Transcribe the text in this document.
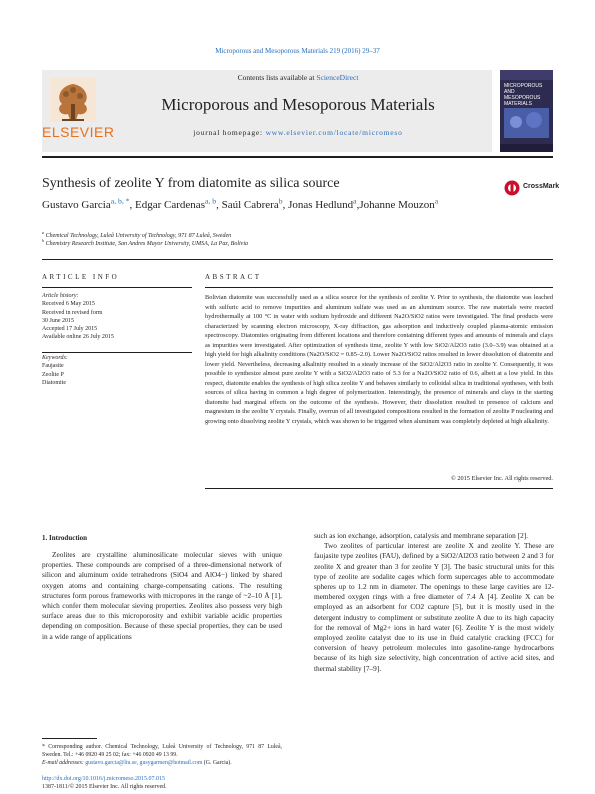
Microporous and Mesoporous Materials 219 (2016) 29–37
ELSEVIER
Contents lists available at ScienceDirect
Microporous and Mesoporous Materials
journal homepage: www.elsevier.com/locate/micromeso
MICROPOROUS AND MESOPOROUS MATERIALS
Synthesis of zeolite Y from diatomite as silica source	CrossMark
Gustavo Garcia$^{a, b, *}$, Edgar Cardenas$^{a, b}$, Saúl Cabrera$^b$, Jonas Hedlund$^a$,Johanne Mouzon$^a$
$^a$ Chemical Technology, Luleå University of Technology, 971 87 Luleå, Sweden
$^b$ Chemistry Research Institute, San Andres Mayor University, UMSA, La Paz, Bolivia
ARTICLE INFO
Article history:
Received 6 May 2015
Received in revised form
30 June 2015
Accepted 17 July 2015
Available online 26 July 2015
Keywords:
Faujasite
Zeolite P
Diatomite
ABSTRACT
Bolivian diatomite was successfully used as a silica source for the synthesis of zeolite Y. Prior to synthesis, the diatomite was leached with sulfuric acid to remove impurities and aluminum sulfate was used as an aluminum source. The raw materials were reacted hydrothermally at 100 °C in water with sodium hydroxide and different Na2O/SiO2 ratios were investigated. The final products were characterized by scanning electron microscopy, X-ray diffraction, gas adsorption and inductively coupled plasma-atomic emission spectroscopy. Diatomites originating from different locations and therefore containing different types and amounts of minerals and clays as impurities were investigated. After optimization of synthesis time, zeolite Y with low SiO2/Al2O3 ratio (3.0–3.9) was obtained at a high yield for high alkalinity conditions (Na2O/SiO2 = 0.85–2.0). Lower Na2O/SiO2 ratios resulted in lower dissolution of diatomite and lower yield. Nevertheless, decreasing alkalinity resulted in a steady increase of the SiO2/Al2O3 ratio in zeolite Y. Consequently, it was possible to synthesize almost pure zeolite Y with a SiO2/Al2O3 ratio of 5.3 for a Na2O/SiO2 ratio of 0.6, albeit at a low yield. In this respect, diatomite enables the synthesis of high silica zeolite Y and behaves similarly to colloidal silica in traditional syntheses, with both sources of silica having in common a high degree of polymerization. Interestingly, the presence of minerals and clays in the starting diatomite had marginal effects on the outcome of the synthesis. However, their dissolution resulted in presence of calcium and magnesium in the zeolite Y crystals. Finally, overrun of all investigated compositions resulted in the formation of zeolite P nucleating and growing onto dissolving zeolite Y crystals, which was shown to be triggered when aluminum was completely depleted at high alkalinity.
© 2015 Elsevier Inc. All rights reserved.
1. Introduction

Zeolites are crystalline aluminosilicate molecular sieves with unique properties. These compounds are comprised of a three-dimensional network of silicon and aluminum oxide tetrahedrons (SiO4 and AlO4−) linked by shared oxygen atoms and containing charge-compensating cations. The resulting structures form porous frameworks with micropores in the range of ~2–10 Å [1], which confer them molecular sieving properties. Zeolites also possess very high surface areas due to this microporosity and exhibit variable acidic properties depending on composition. Because of these special properties, they can be used in a wide range of applications

such as ion exchange, adsorption, catalysis and membrane separation [2].

Two zeolites of particular interest are zeolite X and zeolite Y. These are faujasite type zeolites (FAU), defined by a SiO2/Al2O3 ratio between 2 and 3 for zeolite X and greater than 3 for zeolite Y [3]. The basic structural units for this type of zeolite are sodalite cages which form supercages able to accommodate spheres up to 1.2 nm in diameter. The openings to these large cavities are 12-membered oxygen rings with a free diameter of 7.4 Å [4]. Zeolite X can be employed as an adsorbent for CO2 capture [5], but it is mostly used in the detergent industry to compliment or substitute zeolite A due to its high capacity for the removal of Mg2+ ions in hard water [6]. Zeolite Y is the most widely employed zeolite catalyst due to its use in fluid catalytic cracking (FCC) for conversion of heavy petroleum molecules into gasoline-range hydrocarbons because of its high size selectivity, high concentration of active acid sites, and thermal stability [7–9].

* Corresponding author. Chemical Technology, Luleå University of Technology, 971 87 Luleå, Sweden. Tel.: +46 0920 49 25 02; fax: +46 0920 49 13 99.
E-mail addresses: gustavo.garcia@ltu.se, gusygarmen@hotmail.com (G. Garcia).
http://dx.doi.org/10.1016/j.micromeso.2015.07.015
1387-1811/© 2015 Elsevier Inc. All rights reserved.
